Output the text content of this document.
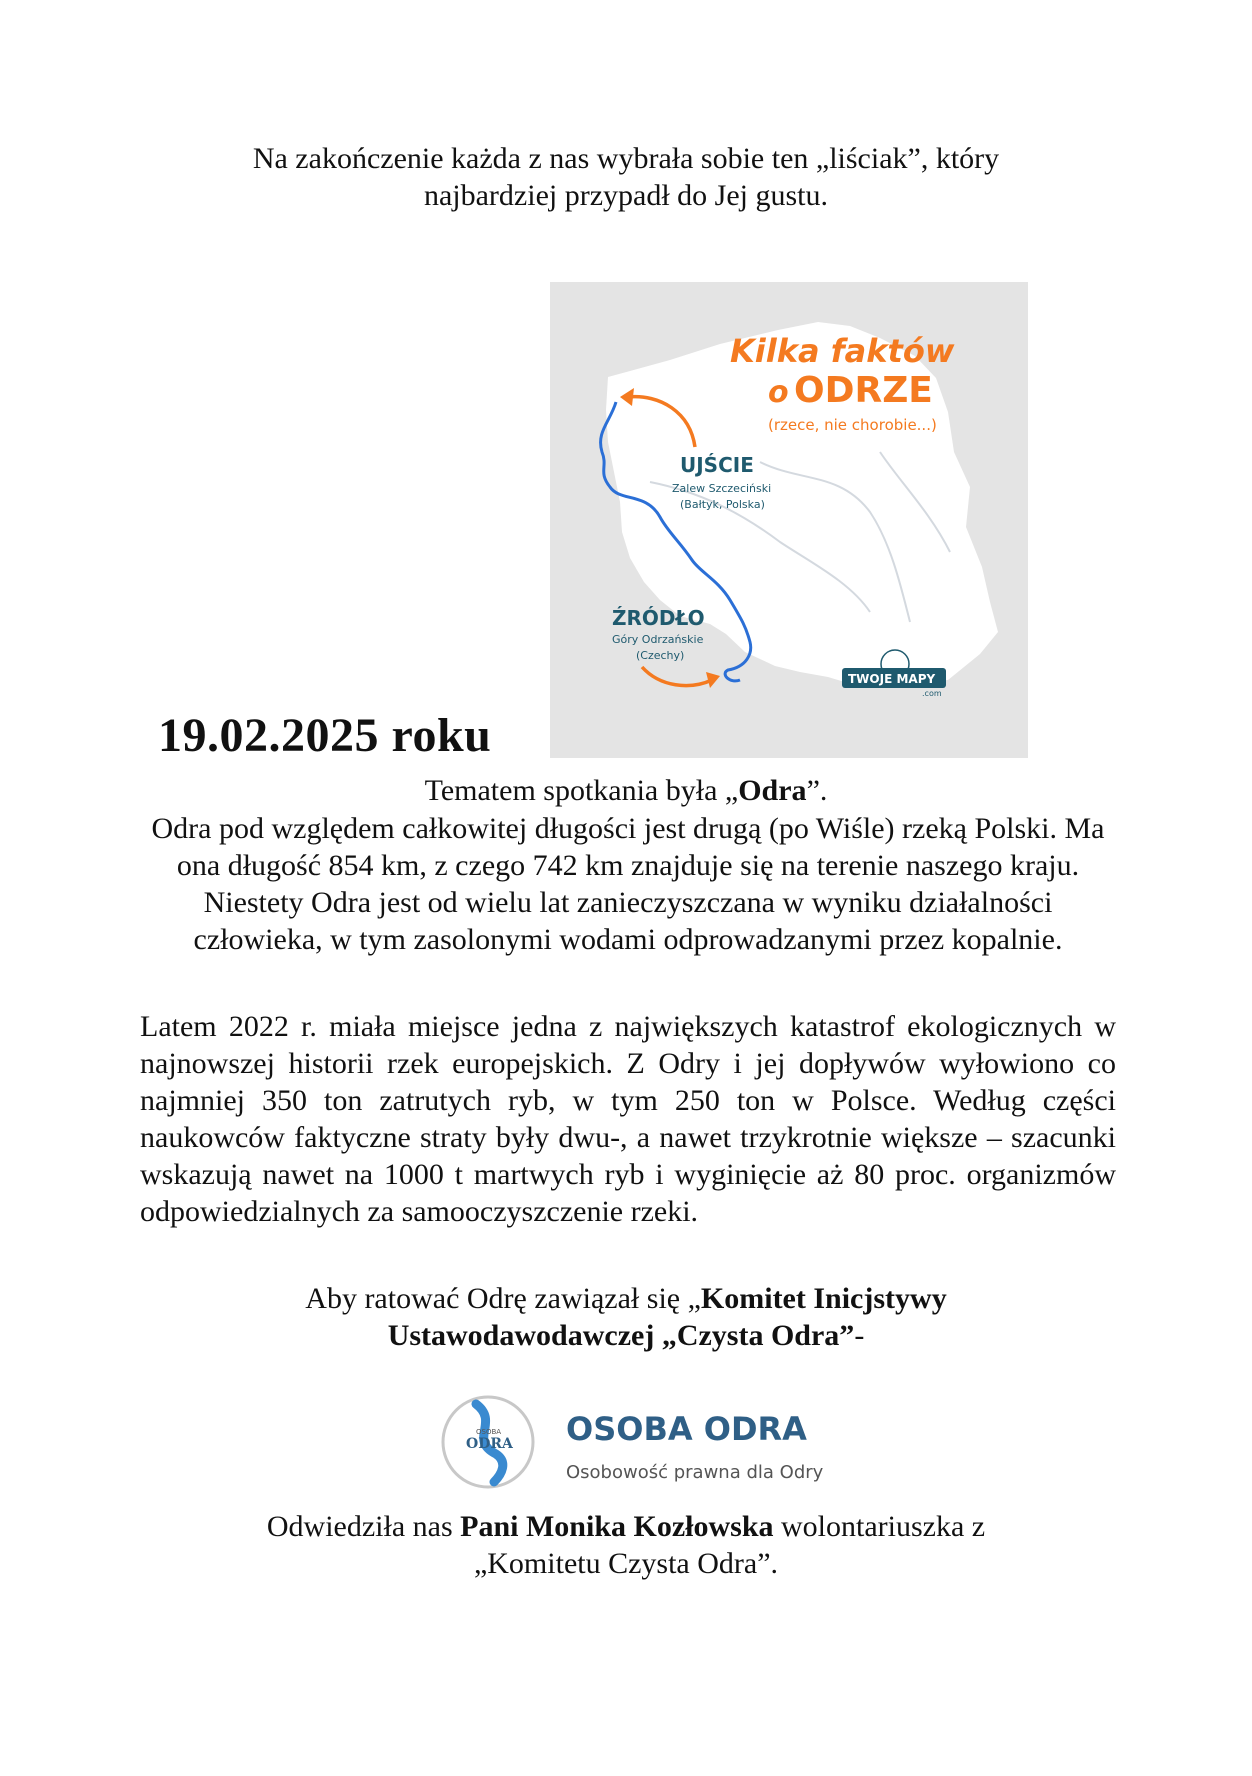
Na zakończenie każda z nas wybrała sobie ten „liściak”, który
najbardziej przypadł do Jej gustu.

Kilka faktów
o ODRZE
(rzece, nie chorobie...)
UJŚCIE
Zalew Szczeciński
(Bałtyk, Polska)
ŹRÓDŁO
Góry Odrzańskie
(Czechy)
TWOJE MAPY
.com
19.02.2025 roku

Tematem spotkania była „Odra”.

Odra pod względem całkowitej długości jest drugą (po Wiśle) rzeką Polski. Ma ona długość 854 km, z czego 742 km znajduje się na terenie naszego kraju. Niestety Odra jest od wielu lat zanieczyszczana w wyniku działalności człowieka, w tym zasolonymi wodami odprowadzanymi przez kopalnie.

Latem 2022 r. miała miejsce jedna z największych katastrof ekologicznych w najnowszej historii rzek europejskich. Z Odry i jej dopływów wyłowiono co najmniej 350 ton zatrutych ryb, w tym 250 ton w Polsce. Według części naukowców faktyczne straty były dwu-, a nawet trzykrotnie większe – szacunki wskazują nawet na 1000 t martwych ryb i wyginięcie aż 80 proc. organizmów odpowiedzialnych za samooczyszczenie rzeki.

Aby ratować Odrę zawiązał się „Komitet Inicjstywy
Ustawodawodawczej „Czysta Odra”-

OSOBA
ODRA OSOBA ODRA
Osobowość prawna dla Odry

Odwiedziła nas Pani Monika Kozłowska wolontariuszka z
„Komitetu Czysta Odra”.
